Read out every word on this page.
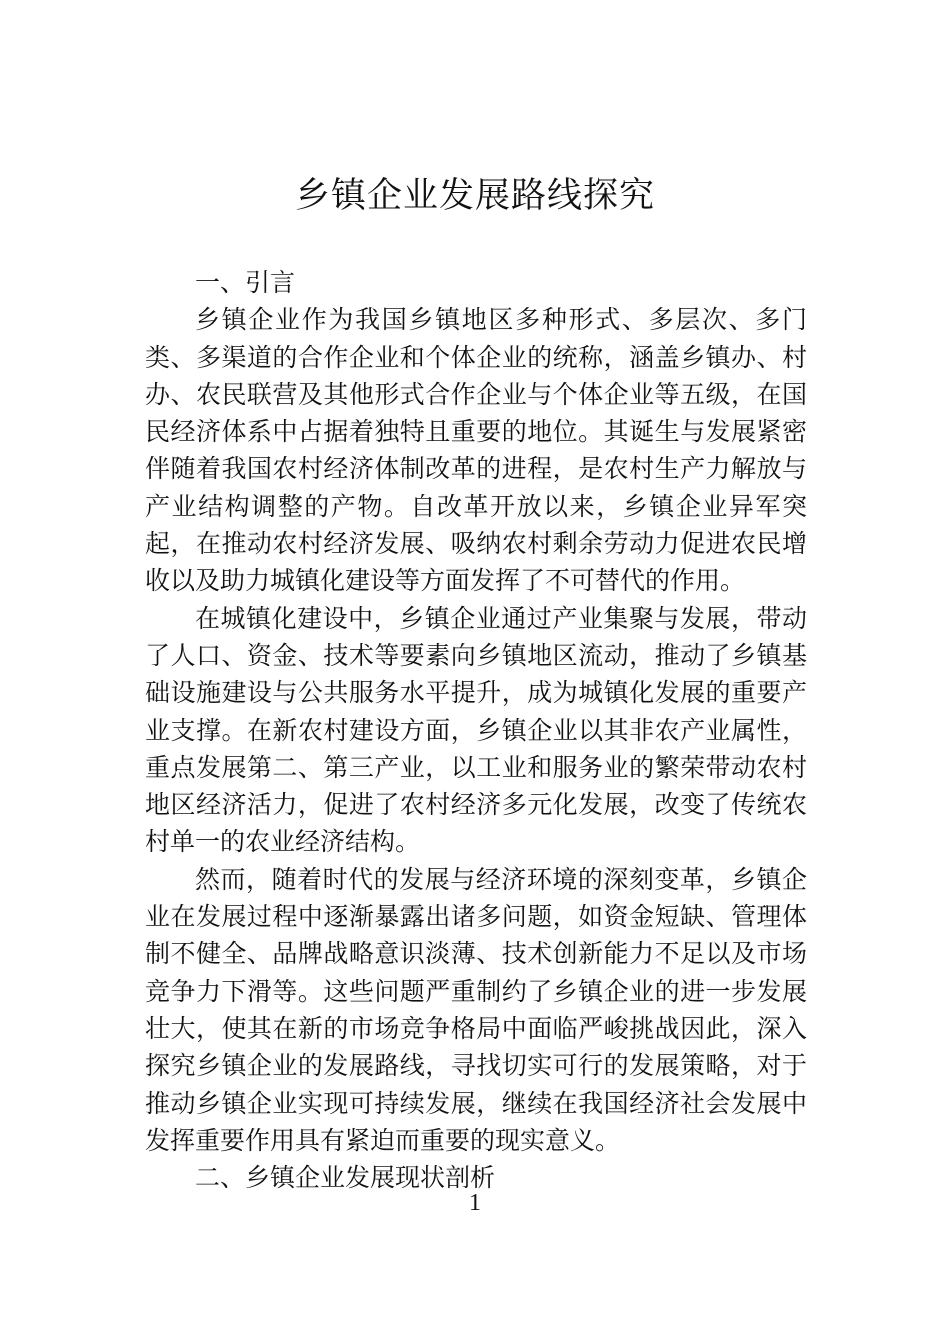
乡镇企业发展路线探究
一、引言

乡镇企业作为我国乡镇地区多种形式、多层次、多门类、多渠道的合作企业和个体企业的统称，涵盖乡镇办、村办、农民联营及其他形式合作企业与个体企业等五级，在国民经济体系中占据着独特且重要的地位。其诞生与发展紧密伴随着我国农村经济体制改革的进程，是农村生产力解放与产业结构调整的产物。自改革开放以来，乡镇企业异军突起，在推动农村经济发展、吸纳农村剩余劳动力促进农民增收以及助力城镇化建设等方面发挥了不可替代的作用。

在城镇化建设中，乡镇企业通过产业集聚与发展，带动了人口、资金、技术等要素向乡镇地区流动，推动了乡镇基础设施建设与公共服务水平提升，成为城镇化发展的重要产业支撑。在新农村建设方面，乡镇企业以其非农产业属性，重点发展第二、第三产业，以工业和服务业的繁荣带动农村地区经济活力，促进了农村经济多元化发展，改变了传统农村单一的农业经济结构。

然而，随着时代的发展与经济环境的深刻变革，乡镇企业在发展过程中逐渐暴露出诸多问题，如资金短缺、管理体制不健全、品牌战略意识淡薄、技术创新能力不足以及市场竞争力下滑等。这些问题严重制约了乡镇企业的进一步发展壮大，使其在新的市场竞争格局中面临严峻挑战因此，深入探究乡镇企业的发展路线，寻找切实可行的发展策略，对于推动乡镇企业实现可持续发展，继续在我国经济社会发展中发挥重要作用具有紧迫而重要的现实意义。

二、乡镇企业发展现状剖析
1
